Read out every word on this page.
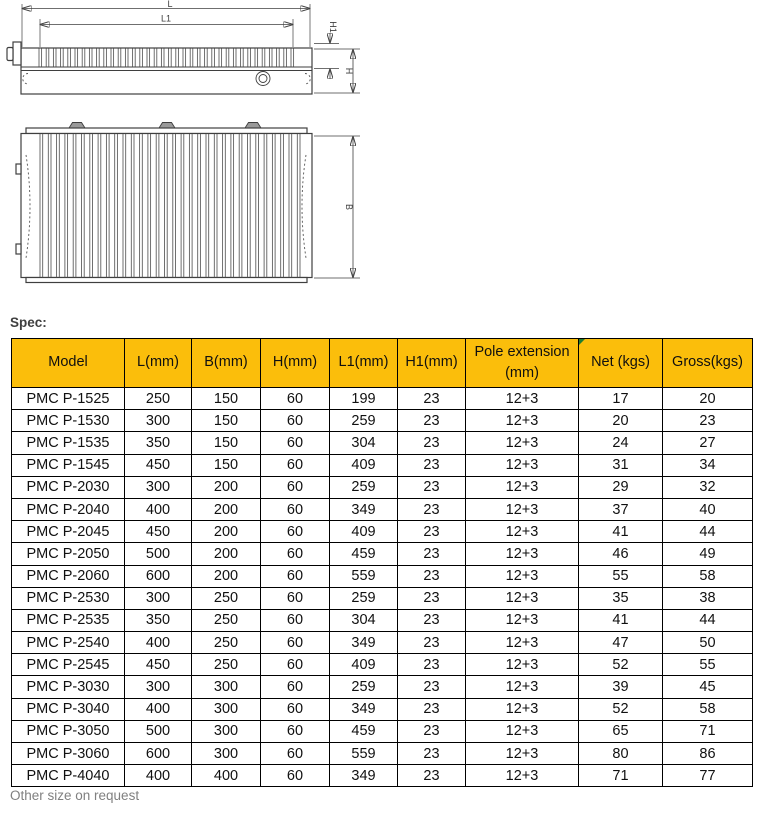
L
L1
H1
H
B
Spec:
Model	L(mm)	B(mm)	H(mm)	L1(mm)	H1(mm)	Pole extension (mm)	Net (kgs)	Gross(kgs)
PMC P-1525	250	150	60	199	23	12+3	17	20
PMC P-1530	300	150	60	259	23	12+3	20	23
PMC P-1535	350	150	60	304	23	12+3	24	27
PMC P-1545	450	150	60	409	23	12+3	31	34
PMC P-2030	300	200	60	259	23	12+3	29	32
PMC P-2040	400	200	60	349	23	12+3	37	40
PMC P-2045	450	200	60	409	23	12+3	41	44
PMC P-2050	500	200	60	459	23	12+3	46	49
PMC P-2060	600	200	60	559	23	12+3	55	58
PMC P-2530	300	250	60	259	23	12+3	35	38
PMC P-2535	350	250	60	304	23	12+3	41	44
PMC P-2540	400	250	60	349	23	12+3	47	50
PMC P-2545	450	250	60	409	23	12+3	52	55
PMC P-3030	300	300	60	259	23	12+3	39	45
PMC P-3040	400	300	60	349	23	12+3	52	58
PMC P-3050	500	300	60	459	23	12+3	65	71
PMC P-3060	600	300	60	559	23	12+3	80	86
PMC P-4040	400	400	60	349	23	12+3	71	77
Other size on request
